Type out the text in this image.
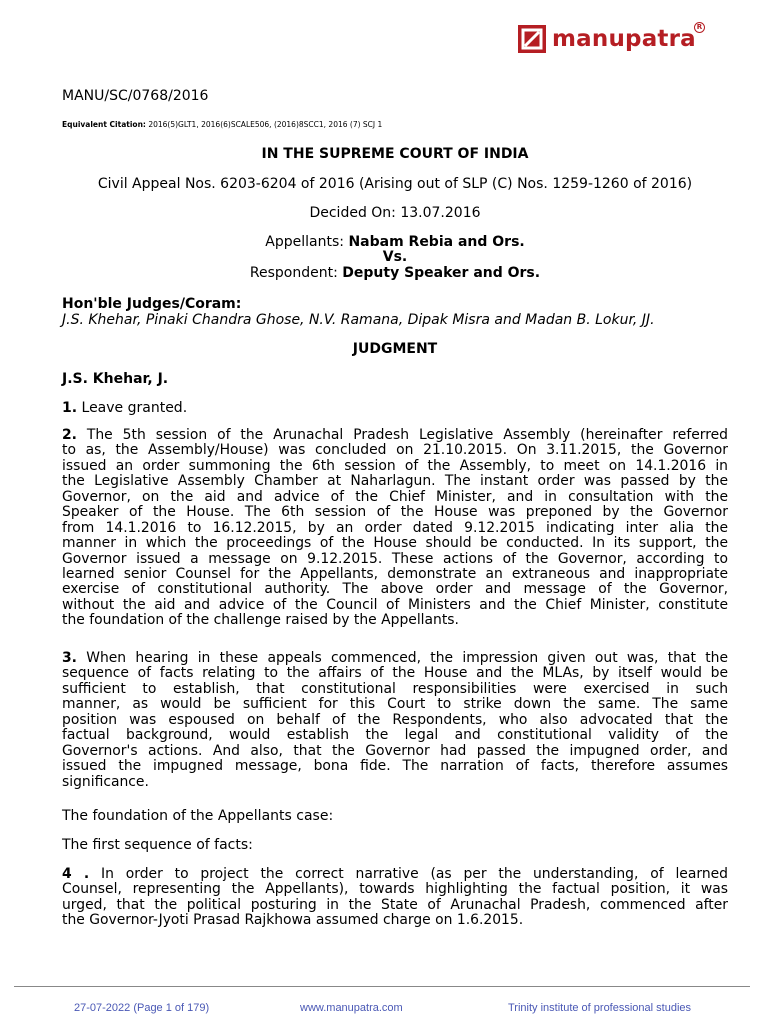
manupatra R
MANU/SC/0768/2016
Equivalent Citation: 2016(5)GLT1, 2016(6)SCALE506, (2016)8SCC1, 2016 (7) SCJ 1
IN THE SUPREME COURT OF INDIA
Civil Appeal Nos. 6203-6204 of 2016 (Arising out of SLP (C) Nos. 1259-1260 of 2016)
Decided On: 13.07.2016
Appellants: Nabam Rebia and Ors.
Vs.
Respondent: Deputy Speaker and Ors.
Hon'ble Judges/Coram:
J.S. Khehar, Pinaki Chandra Ghose, N.V. Ramana, Dipak Misra and Madan B. Lokur, JJ.
JUDGMENT
J.S. Khehar, J.
1. Leave granted.
2. The 5th session of the Arunachal Pradesh Legislative Assembly (hereinafter referred
to as, the Assembly/House) was concluded on 21.10.2015. On 3.11.2015, the Governor
issued an order summoning the 6th session of the Assembly, to meet on 14.1.2016 in
the Legislative Assembly Chamber at Naharlagun. The instant order was passed by the
Governor, on the aid and advice of the Chief Minister, and in consultation with the
Speaker of the House. The 6th session of the House was preponed by the Governor
from 14.1.2016 to 16.12.2015, by an order dated 9.12.2015 indicating inter alia the
manner in which the proceedings of the House should be conducted. In its support, the
Governor issued a message on 9.12.2015. These actions of the Governor, according to
learned senior Counsel for the Appellants, demonstrate an extraneous and inappropriate
exercise of constitutional authority. The above order and message of the Governor,
without the aid and advice of the Council of Ministers and the Chief Minister, constitute
the foundation of the challenge raised by the Appellants.
3. When hearing in these appeals commenced, the impression given out was, that the
sequence of facts relating to the affairs of the House and the MLAs, by itself would be
sufficient to establish, that constitutional responsibilities were exercised in such
manner, as would be sufficient for this Court to strike down the same. The same
position was espoused on behalf of the Respondents, who also advocated that the
factual background, would establish the legal and constitutional validity of the
Governor's actions. And also, that the Governor had passed the impugned order, and
issued the impugned message, bona fide. The narration of facts, therefore assumes
significance.
The foundation of the Appellants case:
The first sequence of facts:
4 . In order to project the correct narrative (as per the understanding, of learned
Counsel, representing the Appellants), towards highlighting the factual position, it was
urged, that the political posturing in the State of Arunachal Pradesh, commenced after
the Governor-Jyoti Prasad Rajkhowa assumed charge on 1.6.2015.
27-07-2022 (Page 1 of 179)	www.manupatra.com	Trinity institute of professional studies
